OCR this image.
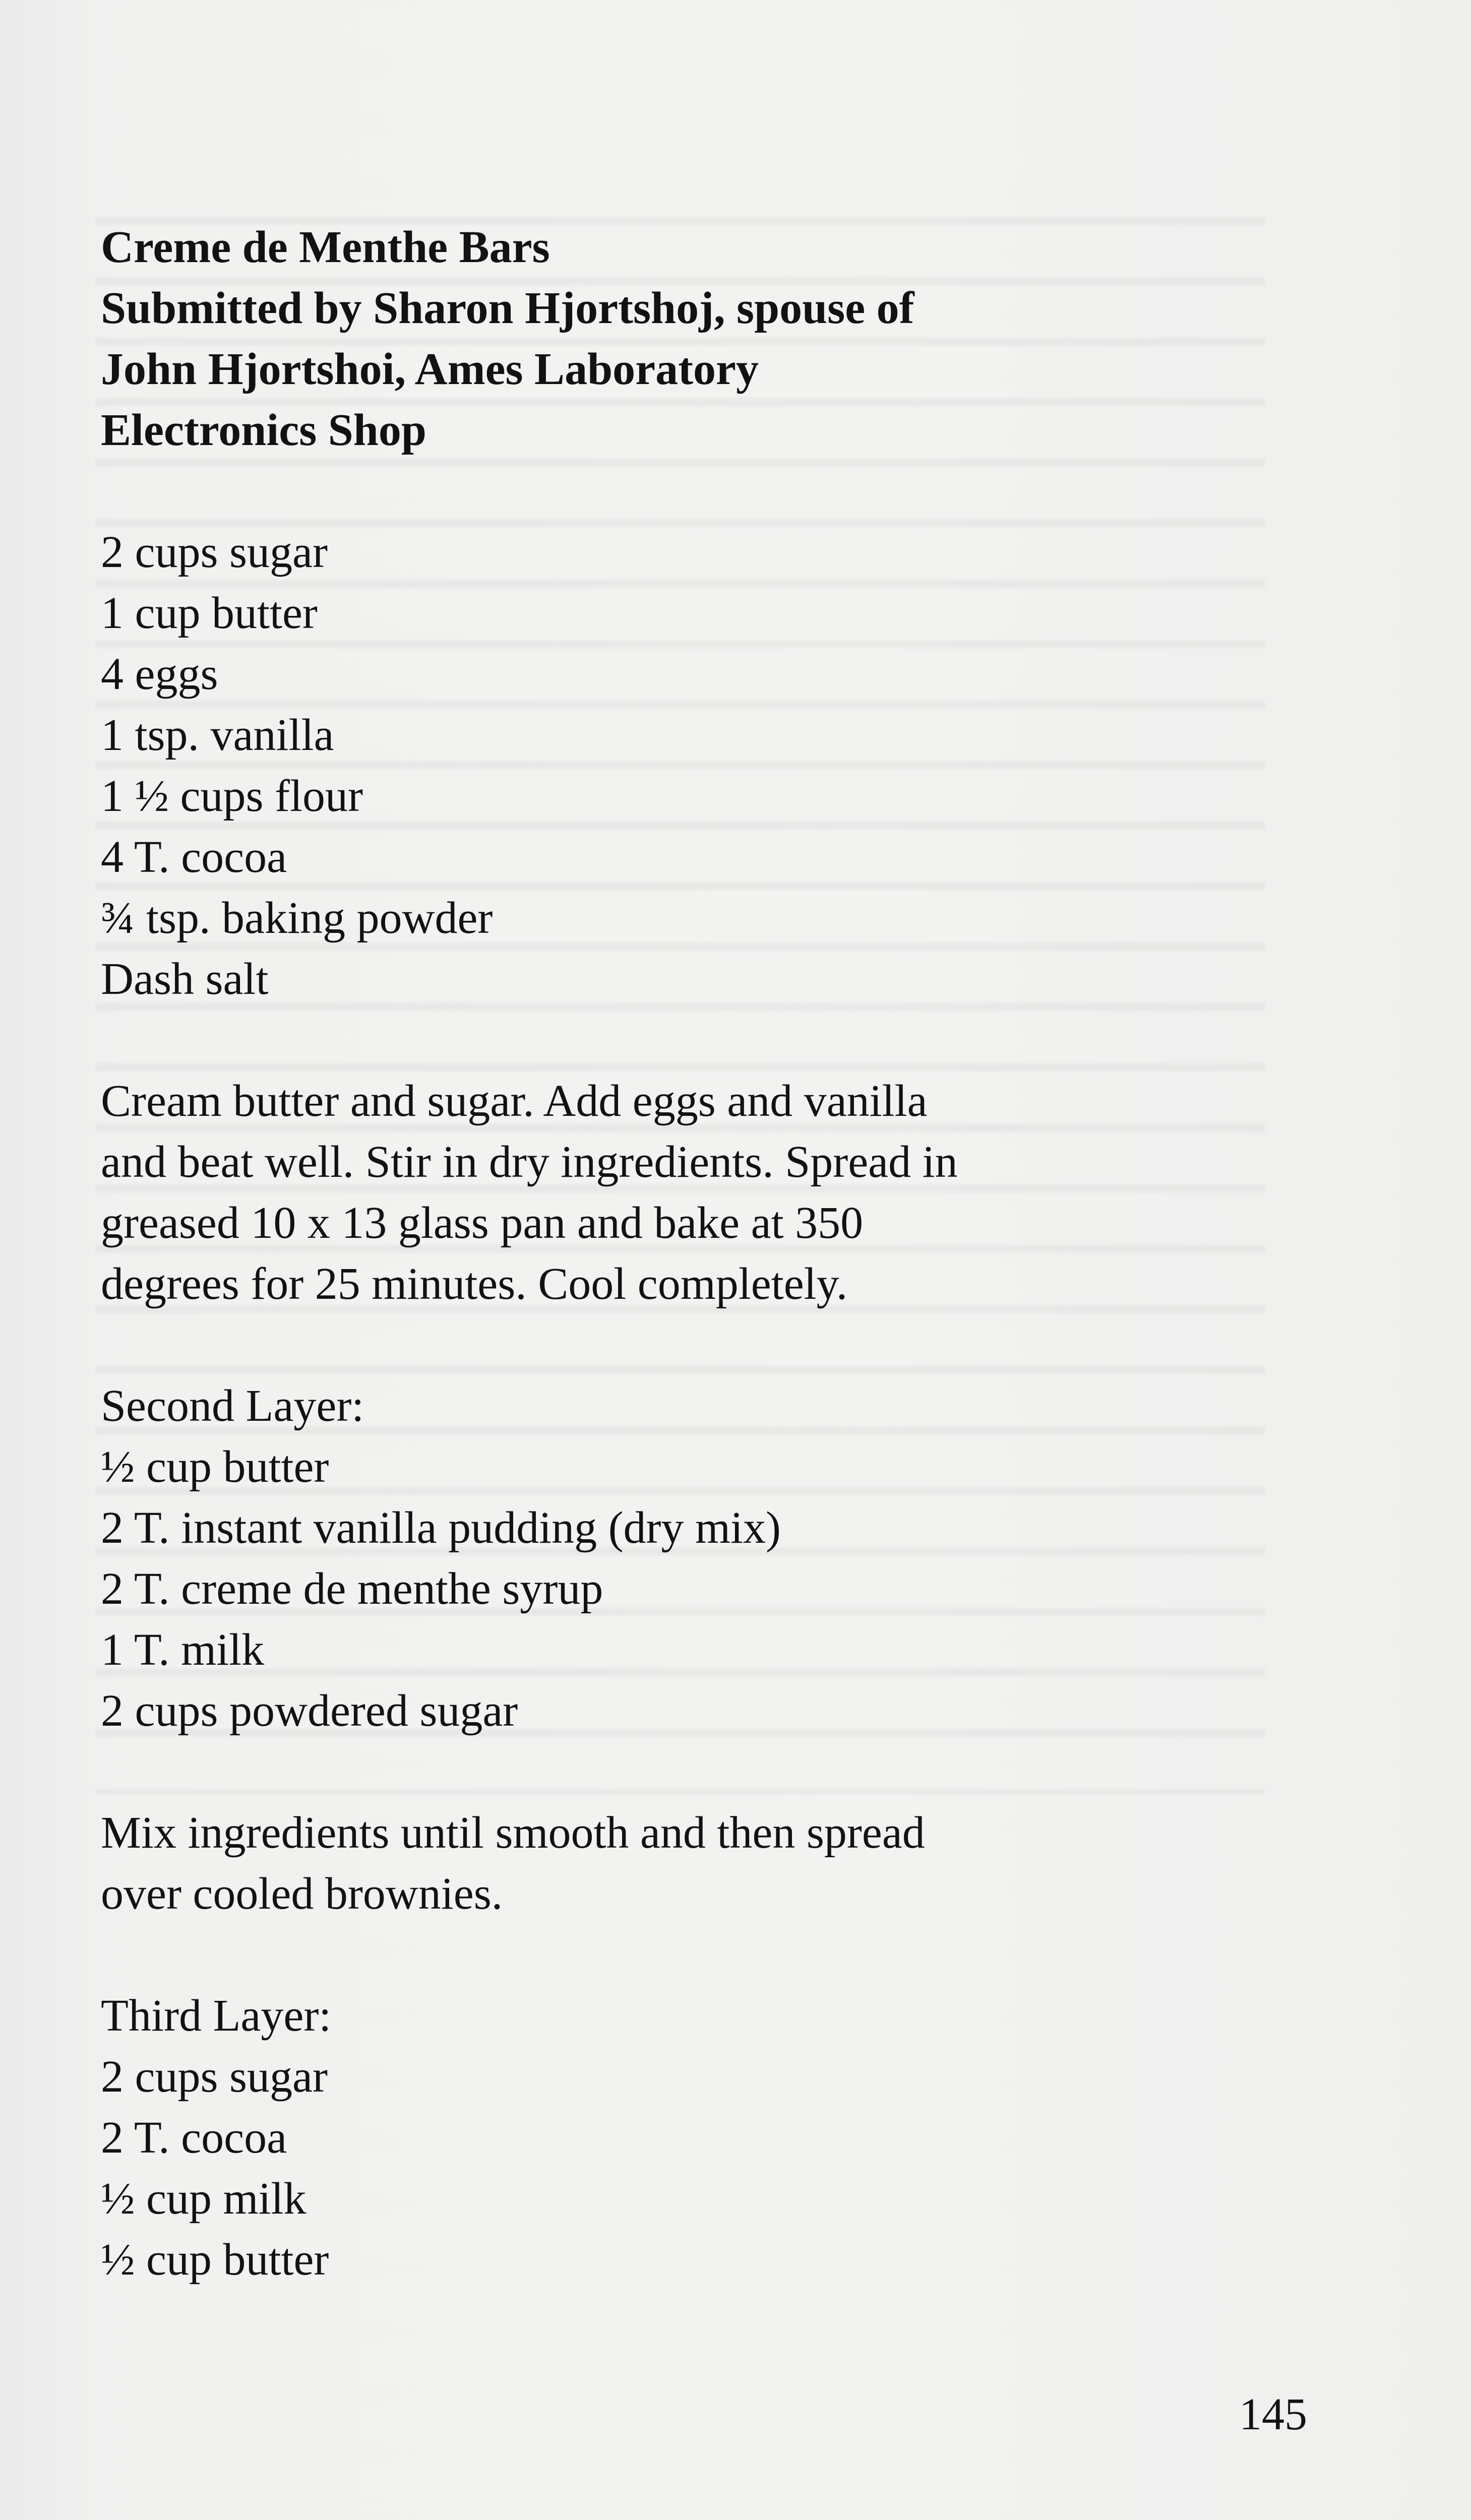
Creme de Menthe Bars

Submitted by Sharon Hjortshoj, spouse of

John Hjortshoi, Ames Laboratory

Electronics Shop

2 cups sugar

1 cup butter

4 eggs

1 tsp. vanilla

1 ½ cups flour

4 T. cocoa

¾ tsp. baking powder

Dash salt

Cream butter and sugar. Add eggs and vanilla

and beat well. Stir in dry ingredients. Spread in

greased 10 x 13 glass pan and bake at 350

degrees for 25 minutes. Cool completely.

Second Layer:

½ cup butter

2 T. instant vanilla pudding (dry mix)

2 T. creme de menthe syrup

1 T. milk

2 cups powdered sugar

Mix ingredients until smooth and then spread

over cooled brownies.

Third Layer:

2 cups sugar

2 T. cocoa

½ cup milk

½ cup butter

145
